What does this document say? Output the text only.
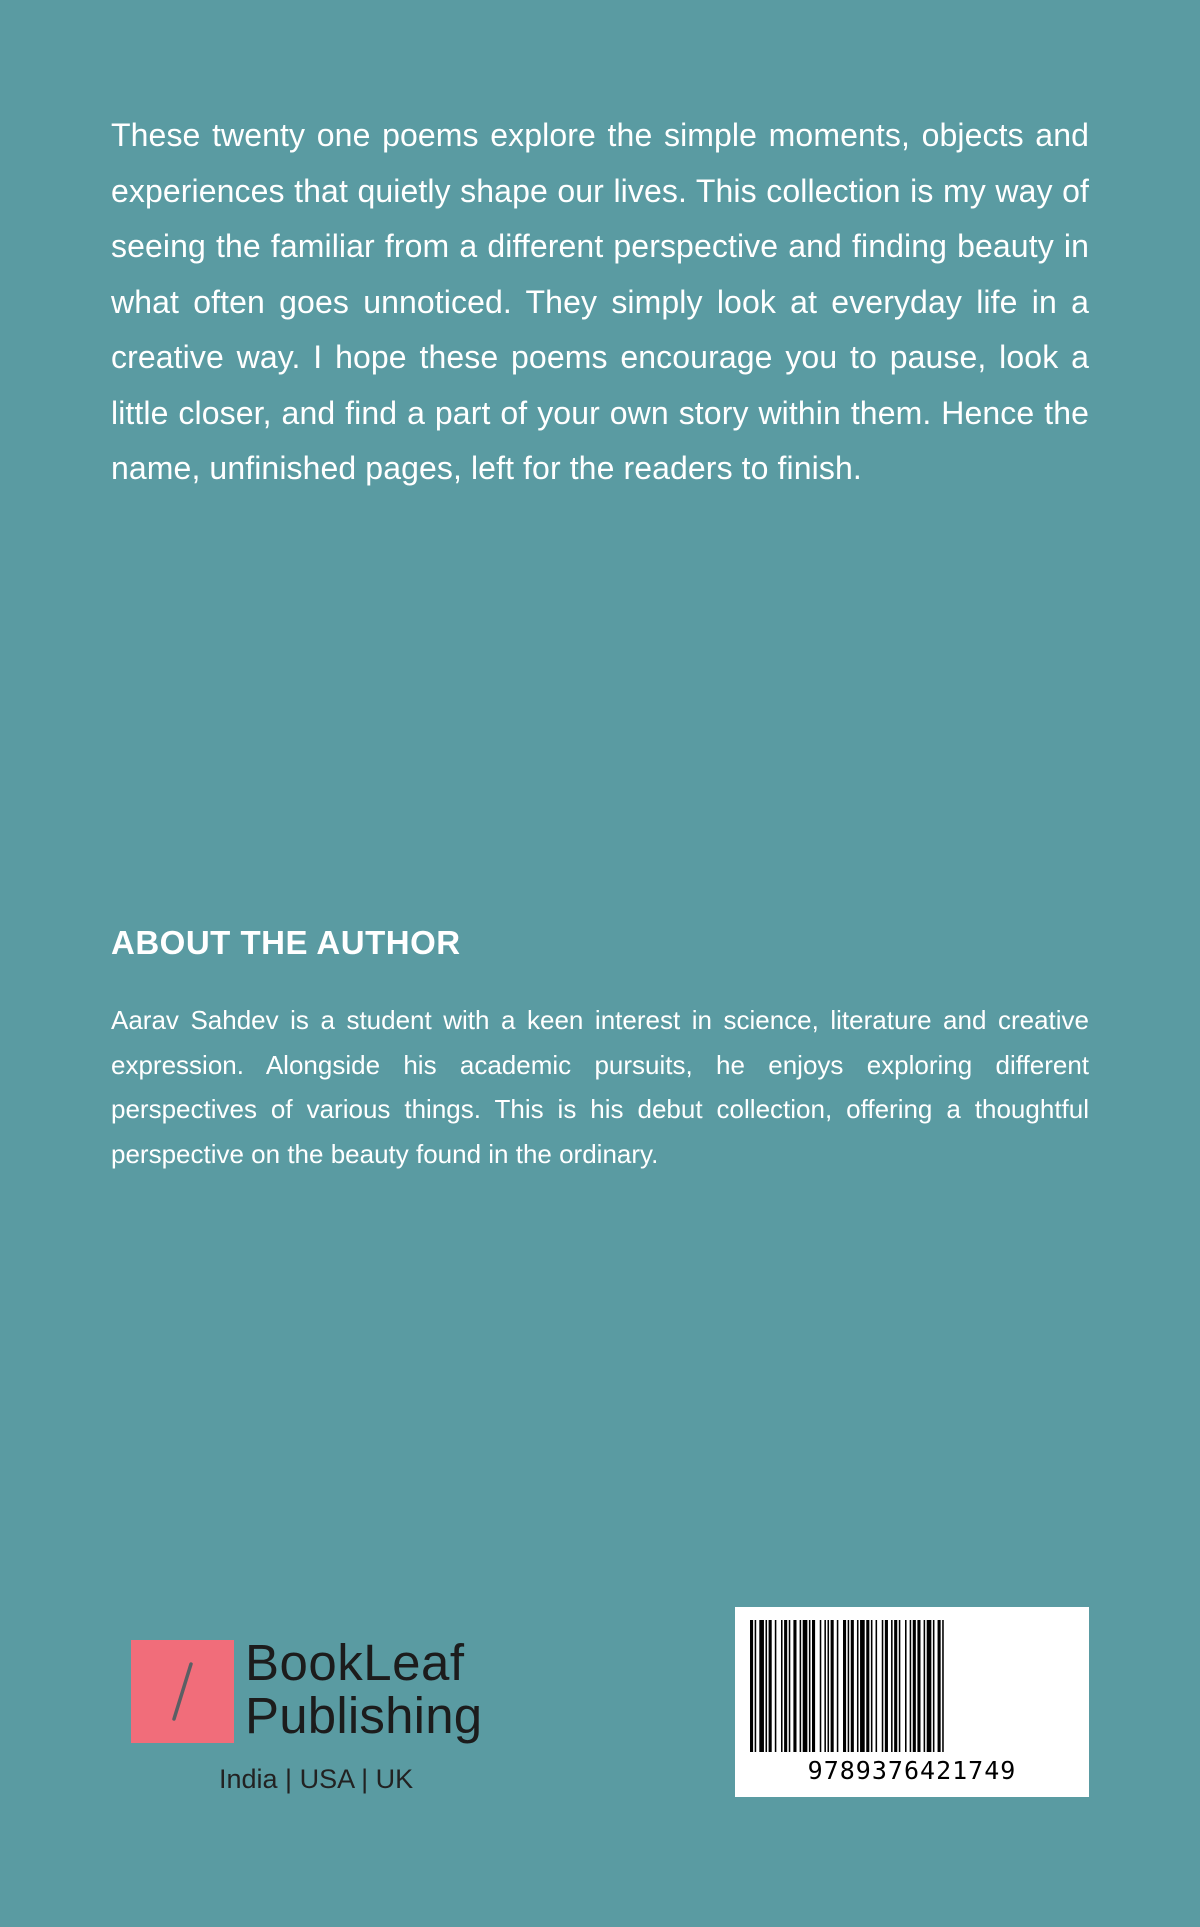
These twenty one poems explore the simple moments, objects and experiences that quietly shape our lives. This collection is my way of seeing the familiar from a different perspective and finding beauty in what often goes unnoticed. They simply look at everyday life in a creative way. I hope these poems encourage you to pause, look a little closer, and find a part of your own story within them. Hence the name, unfinished pages, left for the readers to finish.

ABOUT THE AUTHOR

Aarav Sahdev is a student with a keen interest in science, literature and creative expression. Alongside his academic pursuits, he enjoys exploring different perspectives of various things. This is his debut collection, offering a thoughtful perspective on the beauty found in the ordinary.

BookLeaf

Publishing

India | USA | UK	9789376421749
